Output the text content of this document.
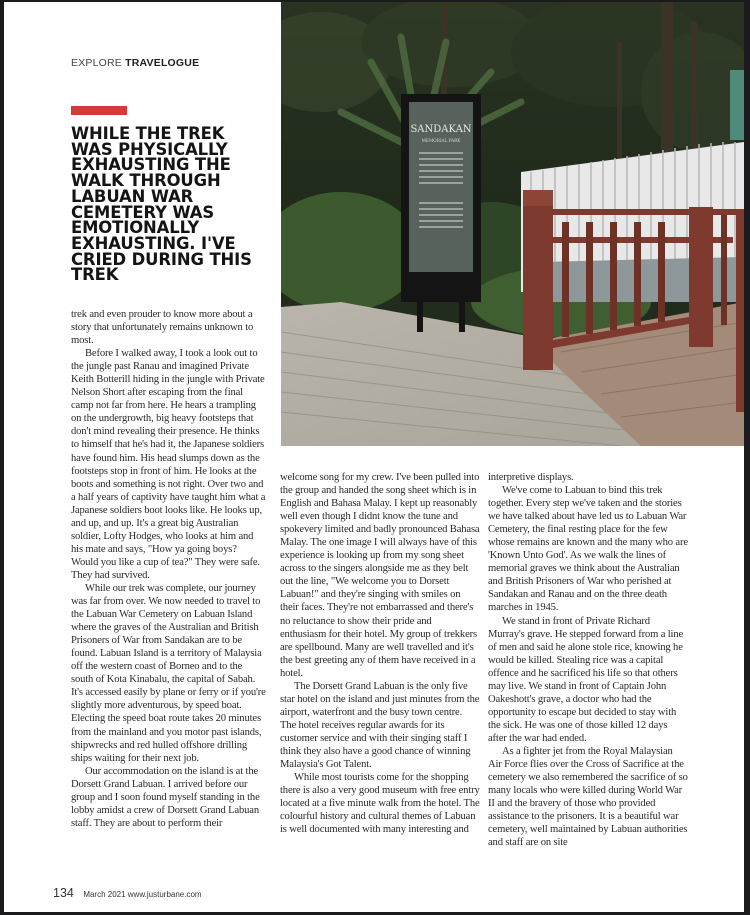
EXPLORE TRAVELOGUE
WHILE THE TREK WAS PHYSICALLY EXHAUSTING THE WALK THROUGH LABUAN WAR CEMETERY WAS EMOTIONALLY EXHAUSTING. I'VE CRIED DURING THIS TREK
SANDAKAN
MEMORIAL PARK

trek and even prouder to know more about a story that unfortunately remains unknown to most.

Before I walked away, I took a look out to the jungle past Ranau and imagined Private Keith Botterill hiding in the jungle with Private Nelson Short after escaping from the final camp not far from here. He hears a trampling on the undergrowth, big heavy footsteps that don't mind revealing their presence. He thinks to himself that he's had it, the Japanese soldiers have found him. His head slumps down as the footsteps stop in front of him. He looks at the boots and something is not right. Over two and a half years of captivity have taught him what a Japanese soldiers boot looks like. He looks up, and up, and up. It's a great big Australian soldier, Lofty Hodges, who looks at him and his mate and says, "How ya going boys? Would you like a cup of tea?" They were safe. They had survived.

While our trek was complete, our journey was far from over. We now needed to travel to the Labuan War Cemetery on Labuan Island where the graves of the Australian and British Prisoners of War from Sandakan are to be found. Labuan Island is a territory of Malaysia off the western coast of Borneo and to the south of Kota Kinabalu, the capital of Sabah. It's accessed easily by plane or ferry or if you're slightly more adventurous, by speed boat. Electing the speed boat route takes 20 minutes from the mainland and you motor past islands, shipwrecks and red hulled offshore drilling ships waiting for their next job.

Our accommodation on the island is at the Dorsett Grand Labuan. I arrived before our group and I soon found myself standing in the lobby amidst a crew of Dorsett Grand Labuan staff. They are about to perform their

welcome song for my crew. I've been pulled into the group and handed the song sheet which is in English and Bahasa Malay. I kept up reasonably well even though I didnt know the tune and spokevery limited and badly pronounced Bahasa Malay. The one image I will always have of this experience is looking up from my song sheet across to the singers alongside me as they belt out the line, "We welcome you to Dorsett Labuan!" and they're singing with smiles on their faces. They're not embarrassed and there's no reluctance to show their pride and enthusiasm for their hotel. My group of trekkers are spellbound. Many are well travelled and it's the best greeting any of them have received in a hotel.

The Dorsett Grand Labuan is the only five star hotel on the island and just minutes from the airport, waterfront and the busy town centre. The hotel receives regular awards for its customer service and with their singing staff I think they also have a good chance of winning Malaysia's Got Talent.

While most tourists come for the shopping there is also a very good museum with free entry located at a five minute walk from the hotel. The colourful history and cultural themes of Labuan is well documented with many interesting and

interpretive displays.

We've come to Labuan to bind this trek together. Every step we've taken and the stories we have talked about have led us to Labuan War Cemetery, the final resting place for the few whose remains are known and the many who are 'Known Unto God'. As we walk the lines of memorial graves we think about the Australian and British Prisoners of War who perished at Sandakan and Ranau and on the three death marches in 1945.

We stand in front of Private Richard Murray's grave. He stepped forward from a line of men and said he alone stole rice, knowing he would be killed. Stealing rice was a capital offence and he sacrificed his life so that others may live. We stand in front of Captain John Oakeshott's grave, a doctor who had the opportunity to escape but decided to stay with the sick. He was one of those killed 12 days after the war had ended.

As a fighter jet from the Royal Malaysian Air Force flies over the Cross of Sacrifice at the cemetery we also remembered the sacrifice of so many locals who were killed during World War II and the bravery of those who provided assistance to the prisoners. It is a beautiful war cemetery, well maintained by Labuan authorities and staff are on site

134 March 2021 www.justurbane.com
